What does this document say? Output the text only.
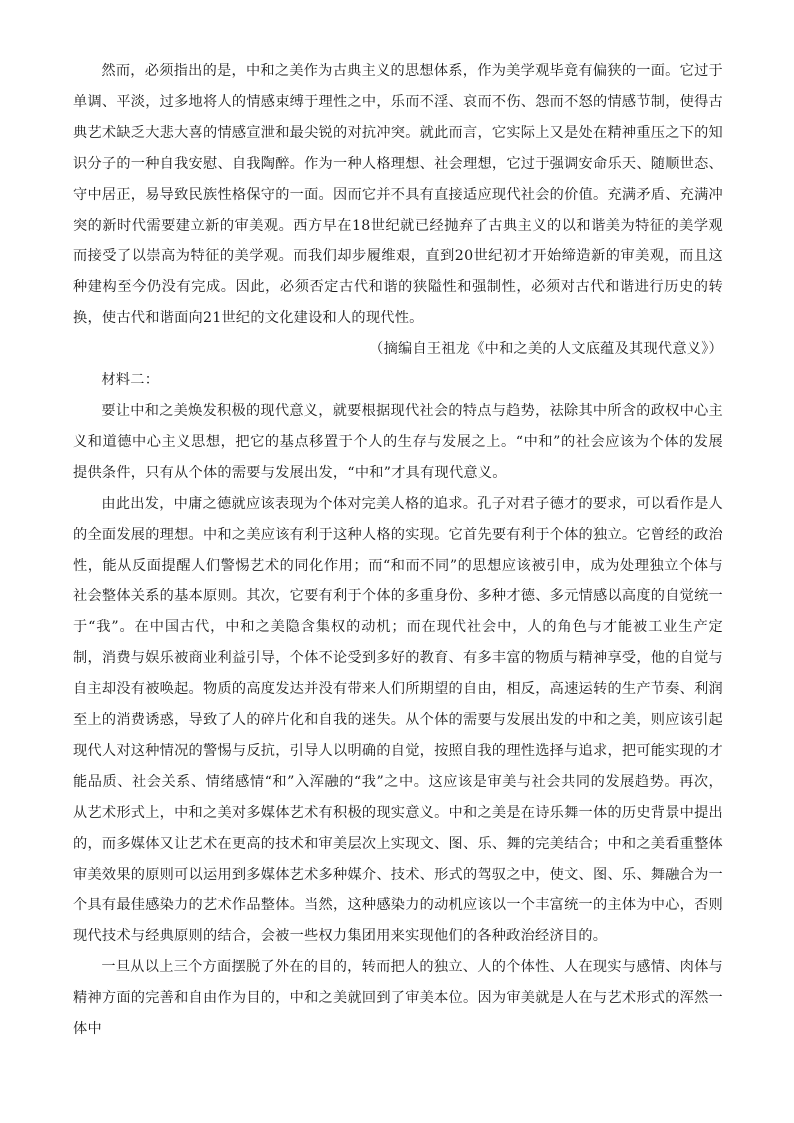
然而，必须指出的是，中和之美作为古典主义的思想体系，作为美学观毕竟有偏狭的一面。它过于单调、平淡，过多地将人的情感束缚于理性之中，乐而不淫、哀而不伤、怨而不怒的情感节制，使得古典艺术缺乏大悲大喜的情感宣泄和最尖锐的对抗冲突。就此而言，它实际上又是处在精神重压之下的知识分子的一种自我安慰、自我陶醉。作为一种人格理想、社会理想，它过于强调安命乐天、随顺世态、守中居正，易导致民族性格保守的一面。因而它并不具有直接适应现代社会的价值。充满矛盾、充满冲突的新时代需要建立新的审美观。西方早在18世纪就已经抛弃了古典主义的以和谐美为特征的美学观而接受了以崇高为特征的美学观。而我们却步履维艰，直到20世纪初才开始缔造新的审美观，而且这种建构至今仍没有完成。因此，必须否定古代和谐的狭隘性和强制性，必须对古代和谐进行历史的转换，使古代和谐面向21世纪的文化建设和人的现代性。

（摘编自王祖龙《中和之美的人文底蕴及其现代意义》）

材料二：

要让中和之美焕发积极的现代意义，就要根据现代社会的特点与趋势，祛除其中所含的政权中心主义和道德中心主义思想，把它的基点移置于个人的生存与发展之上。“中和”的社会应该为个体的发展提供条件，只有从个体的需要与发展出发，“中和”才具有现代意义。

由此出发，中庸之德就应该表现为个体对完美人格的追求。孔子对君子德才的要求，可以看作是人的全面发展的理想。中和之美应该有利于这种人格的实现。它首先要有利于个体的独立。它曾经的政治性，能从反面提醒人们警惕艺术的同化作用；而“和而不同”的思想应该被引申，成为处理独立个体与社会整体关系的基本原则。其次，它要有利于个体的多重身份、多种才德、多元情感以高度的自觉统一于“我”。在中国古代，中和之美隐含集权的动机；而在现代社会中，人的角色与才能被工业生产定制，消费与娱乐被商业利益引导，个体不论受到多好的教育、有多丰富的物质与精神享受，他的自觉与自主却没有被唤起。物质的高度发达并没有带来人们所期望的自由，相反，高速运转的生产节奏、利润至上的消费诱惑，导致了人的碎片化和自我的迷失。从个体的需要与发展出发的中和之美，则应该引起现代人对这种情况的警惕与反抗，引导人以明确的自觉，按照自我的理性选择与追求，把可能实现的才能品质、社会关系、情绪感情“和”入浑融的“我”之中。这应该是审美与社会共同的发展趋势。再次，从艺术形式上，中和之美对多媒体艺术有积极的现实意义。中和之美是在诗乐舞一体的历史背景中提出的，而多媒体又让艺术在更高的技术和审美层次上实现文、图、乐、舞的完美结合；中和之美看重整体审美效果的原则可以运用到多媒体艺术多种媒介、技术、形式的驾驭之中，使文、图、乐、舞融合为一个具有最佳感染力的艺术作品整体。当然，这种感染力的动机应该以一个丰富统一的主体为中心，否则现代技术与经典原则的结合，会被一些权力集团用来实现他们的各种政治经济目的。

一旦从以上三个方面摆脱了外在的目的，转而把人的独立、人的个体性、人在现实与感情、肉体与精神方面的完善和自由作为目的，中和之美就回到了审美本位。因为审美就是人在与艺术形式的浑然一体中
